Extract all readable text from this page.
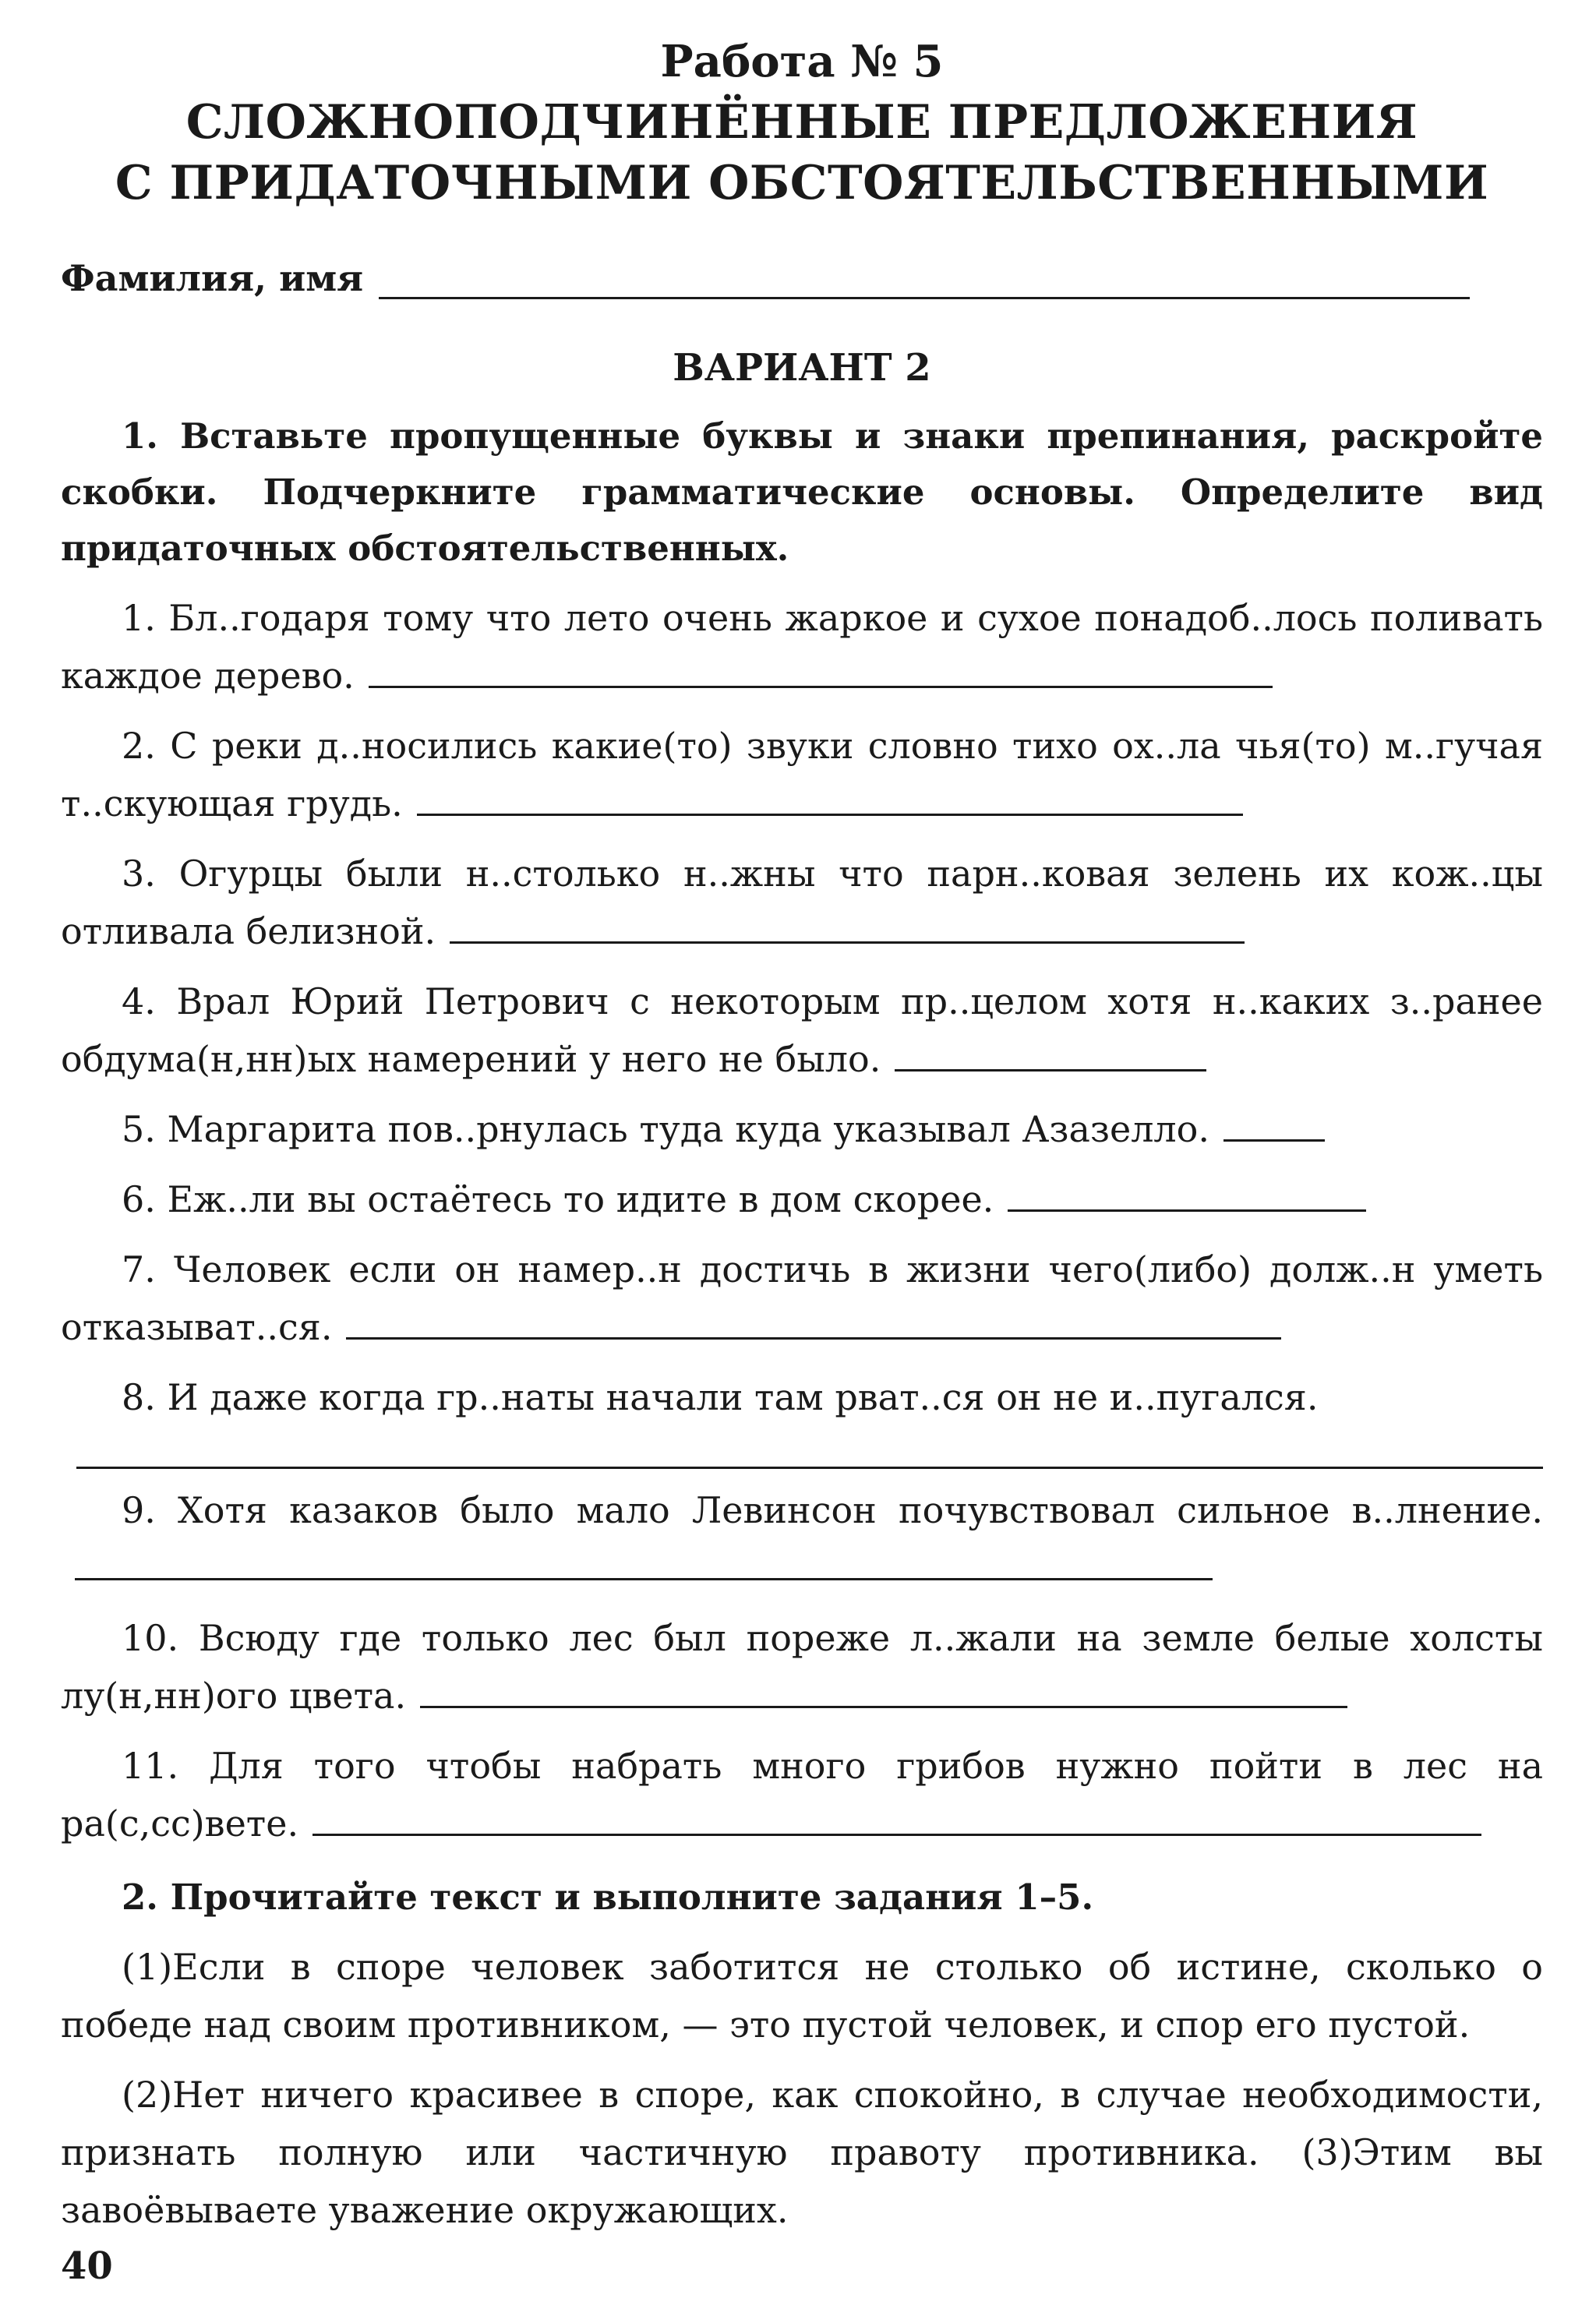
Работа № 5
СЛОЖНОПОДЧИНЁННЫЕ ПРЕДЛОЖЕНИЯ
С ПРИДАТОЧНЫМИ ОБСТОЯТЕЛЬСТВЕННЫМИ
Фамилия, имя
ВАРИАНТ 2
1. Вставьте пропущенные буквы и знаки препинания, раскройте скобки. Подчеркните грамматические основы. Определите вид придаточных обстоятельственных.
1. Бл..годаря тому что лето очень жаркое и сухое понадоб..лось поливать каждое дерево.
2. С реки д..носились какие(то) звуки словно тихо ох..ла чья(то) м..гучая т..скующая грудь.
3. Огурцы были н..столько н..жны что парн..ковая зелень их кож..цы отливала белизной.
4. Врал Юрий Петрович с некоторым пр..целом хотя н..каких з..ранее обдума(н,нн)ых намерений у него не было.
5. Маргарита пов..рнулась туда куда указывал Азазелло.
6. Еж..ли вы остаётесь то идите в дом скорее.
7. Человек если он намер..н достичь в жизни чего(либо) долж..н уметь отказыват..ся.
8. И даже когда гр..наты начали там рват..ся он не и..пугался.
9. Хотя казаков было мало Левинсон почувствовал сильное в..лнение.
10. Всюду где только лес был пореже л..жали на земле белые холсты лу(н,нн)ого цвета.
11. Для того чтобы набрать много грибов нужно пойти в лес на ра(с,сс)вете.
2. Прочитайте текст и выполните задания 1–5.
(1)Если в споре человек заботится не столько об истине, сколько о победе над своим противником, — это пустой человек, и спор его пустой.
(2)Нет ничего красивее в споре, как спокойно, в случае необходимости, признать полную или частичную правоту противника. (3)Этим вы завоёвываете уважение окружающих.
40
